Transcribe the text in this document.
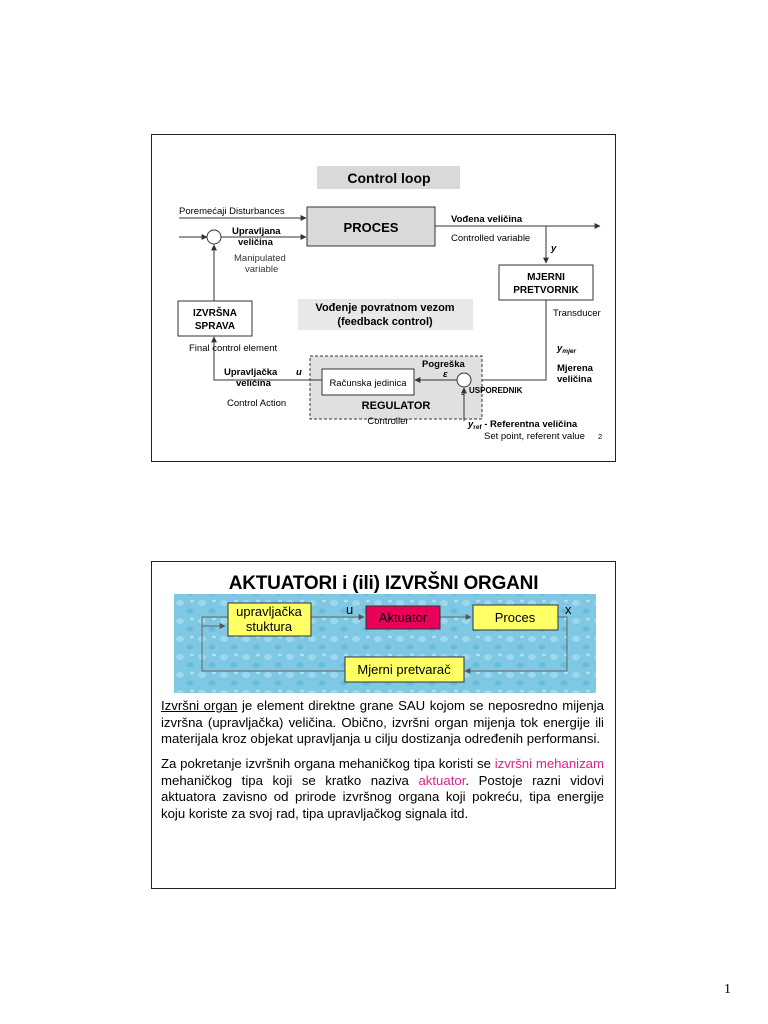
Control loop
Poremećaji Disturbances
PROCES
Upravljana
veličina
Manipulated
variable
Vođena veličina
Controlled variable
y
MJERNI
PRETVORNIK
Transducer
$y_{mjer}$
Mjerena
veličina
IZVRŠNA
SPRAVA
Final control element
Vođenje povratnom vezom
(feedback control)
Računska jedinica
REGULATOR
Controller
Pogreška
ε
USPOREDNIK
-
$y_{ref}$ - Referentna veličina
Set point, referent value 2
Upravljačka
veličina
u
Control Action
AKTUATORI i (ili) IZVRŠNI ORGANI
upravljačka
stuktura
Aktuator	Proces
Mjerni pretvarač
u	x
Izvršni organ je element direktne grane SAU kojom se neposredno mijenja izvršna (upravljačka) veličina. Obično, izvršni organ mijenja tok energije ili materijala kroz objekat upravljanja u cilju dostizanja određenih performansi.
Za pokretanje izvršnih organa mehaničkog tipa koristi se izvršni mehanizam mehaničkog tipa koji se kratko naziva aktuator. Postoje razni vidovi aktuatora zavisno od prirode izvršnog organa koji pokreću, tipa energije koju koriste za svoj rad, tipa upravljačkog signala itd.
1
